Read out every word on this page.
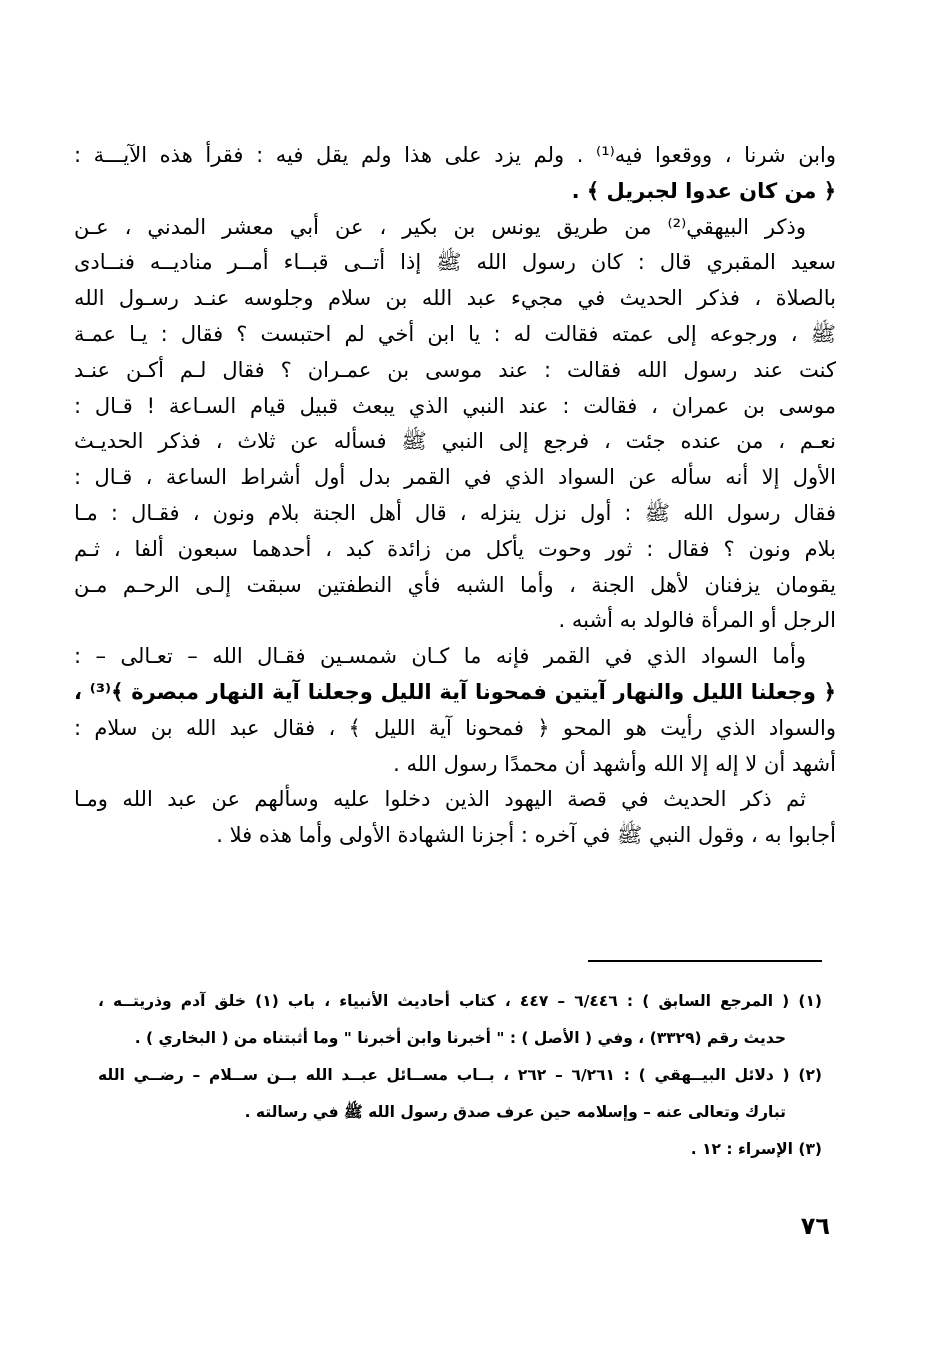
وابن شرنا ، ووقعوا فيه⁽¹⁾ . ولم يزد على هذا ولم يقل فيه : فقرأ هذه الآيـــة :
﴿ من كان عدوا لجبريل ﴾ .
وذكر البيهقي⁽²⁾ من طريق يونس بن بكير ، عن أبي معشر المدني ، عـن
سعيد المقبري قال : كان رسول الله ﷺ إذا أتــى قبــاء أمــر مناديــه فنــادى
بالصلاة ، فذكر الحديث في مجيء عبد الله بن سلام وجلوسه عنـد رسـول الله
ﷺ ، ورجوعه إلى عمته فقالت له : يا ابن أخي لم احتبست ؟ فقال : يـا عمـة
كنت عند رسول الله فقالت : عند موسى بن عمـران ؟ فقال لـم أكـن عنـد
موسى بن عمران ، فقالت : عند النبي الذي يبعث قبيل قيام السـاعة ! قـال :
نعـم ، من عنده جئت ، فرجع إلى النبي ﷺ فسأله عن ثلاث ، فذكر الحديـث
الأول إلا أنه سأله عن السواد الذي في القمر بدل أول أشراط الساعة ، قـال :
فقال رسول الله ﷺ : أول نزل ينزله ، قال أهل الجنة بلام ونون ، فقـال : مـا
بلام ونون ؟ فقال : ثور وحوت يأكل من زائدة كبد ، أحدهما سبعون ألفا ، ثـم
يقومان يزفنان لأهل الجنة ، وأما الشبه فأي النطفتين سبقت إلـى الرحـم مـن
الرجل أو المرأة فالولد به أشبه .
وأما السواد الذي في القمر فإنه ما كـان شمسـين فقـال الله – تعـالى – :
﴿ وجعلنا الليل والنهار آيتين فمحونا آية الليل وجعلنا آية النهار مبصرة ﴾⁽³⁾ ،
والسواد الذي رأيت هو المحو ﴿ فمحونا آية الليل ﴾ ، فقال عبد الله بن سلام :
أشهد أن لا إله إلا الله وأشهد أن محمدًا رسول الله .
ثم ذكر الحديث في قصة اليهود الذين دخلوا عليه وسألهم عن عبد الله ومـا
أجابوا به ، وقول النبي ﷺ في آخره : أجزنا الشهادة الأولى وأما هذه فلا .
(١) ( المرجع السابق ) : ٦/٤٤٦ – ٤٤٧ ، كتاب أحاديث الأنبياء ، باب (١) خلق آدم وذريتــه ،
حديث رقم (٣٣٢٩) ، وفي ( الأصل ) : " أخبرنا وابن أخبرنا " وما أثبتناه من ( البخاري ) .
(٢) ( دلائل البيــهقي ) : ٦/٢٦١ – ٢٦٢ ، بــاب مســائل عبــد الله بــن ســلام – رضــي الله
تبارك وتعالى عنه – وإسلامه حين عرف صدق رسول الله ﷺ في رسالته .
(٣) الإسراء : ١٢ .
٧٦
